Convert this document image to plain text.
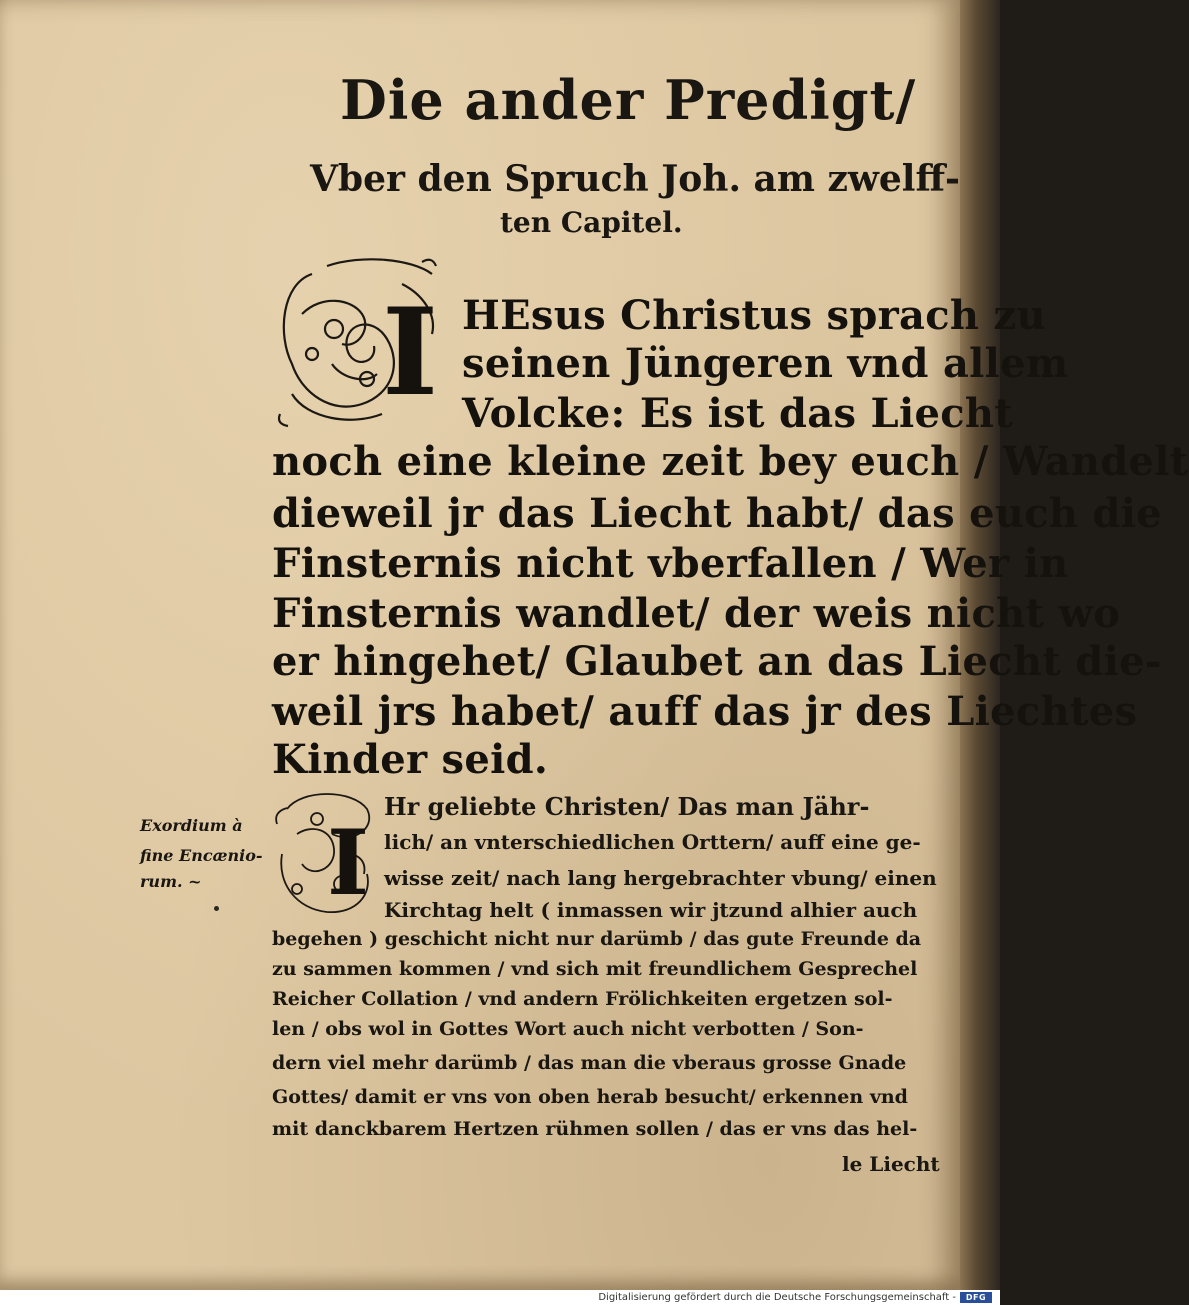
Die ander Predigt/
Vber den Spruch Joh. am zwelff-
ten Capitel.
I HEsus Christus sprach zu
seinen Jüngeren vnd allem
Volcke: Es ist das Liecht
noch eine kleine zeit bey euch / Wandelt
dieweil jr das Liecht habt/ das euch die
Finsternis nicht vberfallen / Wer in
Finsternis wandlet/ der weis nicht wo
er hingehet/ Glaubet an das Liecht die-
weil jrs habet/ auff das jr des Liechtes
Kinder seid.
Exordium à
fine Encænio-
rum. ~ I
Hr geliebte Christen/ Das man Jähr-
lich/ an vnterschiedlichen Orttern/ auff eine ge-
wisse zeit/ nach lang hergebrachter vbung/ einen
Kirchtag helt ( inmassen wir jtzund alhier auch
begehen ) geschicht nicht nur darümb / das gute Freunde da
zu sammen kommen / vnd sich mit freundlichem Gesprechel
Reicher Collation / vnd andern Frölichkeiten ergetzen sol-
len / obs wol in Gottes Wort auch nicht verbotten / Son-
dern viel mehr darümb / das man die vberaus grosse Gnade
Gottes/ damit er vns von oben herab besucht/ erkennen vnd
mit danckbarem Hertzen rühmen sollen / das er vns das hel-
le Liecht
Digitalisierung gefördert durch die Deutsche Forschungsgemeinschaft -	DFG
